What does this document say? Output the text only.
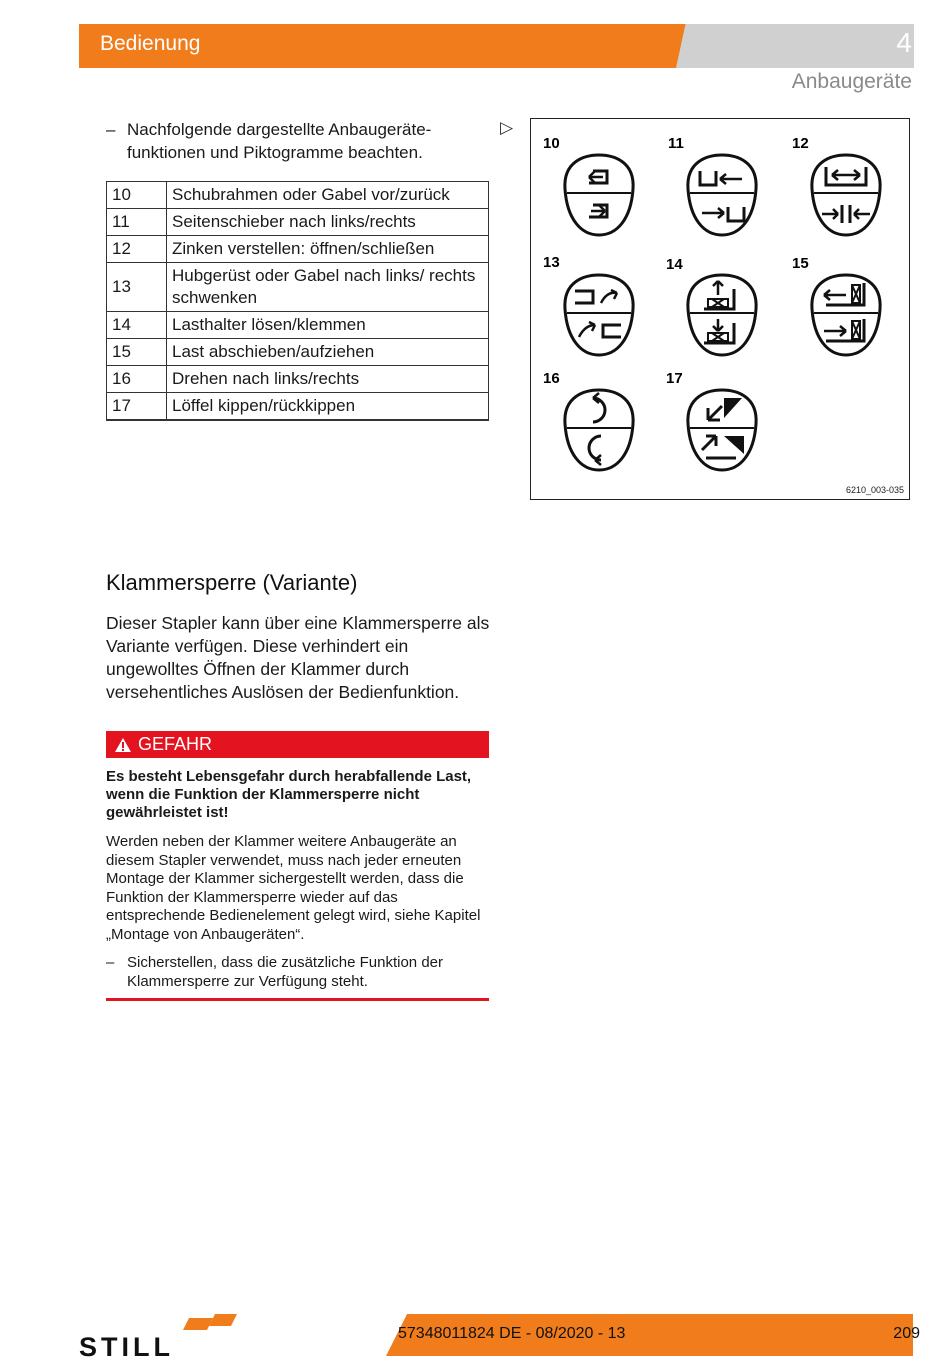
Bedienung	4
Anbaugeräte
– Nachfolgende dargestellte Anbaugeräte-funktionen und Piktogramme beachten.
10	Schubrahmen oder Gabel vor/zurück
11	Seitenschieber nach links/rechts
12	Zinken verstellen: öffnen/schließen
13	Hubgerüst oder Gabel nach links/ rechts schwenken
14	Lasthalter lösen/klemmen
15	Last abschieben/aufziehen
16	Drehen nach links/rechts
17	Löffel kippen/rückkippen
▷
10	11	12
13	14	15
16	17
6210_003-035
Klammersperre (Variante)

Dieser Stapler kann über eine Klammersperre als Variante verfügen. Diese verhindert ein ungewolltes Öffnen der Klammer durch versehentliches Auslösen der Bedienfunktion.

GEFAHR

Es besteht Lebensgefahr durch herabfallende Last, wenn die Funktion der Klammersperre nicht gewährleistet ist!

Werden neben der Klammer weitere Anbaugeräte an diesem Stapler verwendet, muss nach jeder erneuten Montage der Klammer sichergestellt werden, dass die Funktion der Klammersperre wieder auf das entsprechende Bedienelement gelegt wird, siehe Kapitel „Montage von Anbaugeräten“.

– Sicherstellen, dass die zusätzliche Funktion der Klammersperre zur Verfügung steht.
STILL	57348011824 DE - 08/2020 - 13	209
